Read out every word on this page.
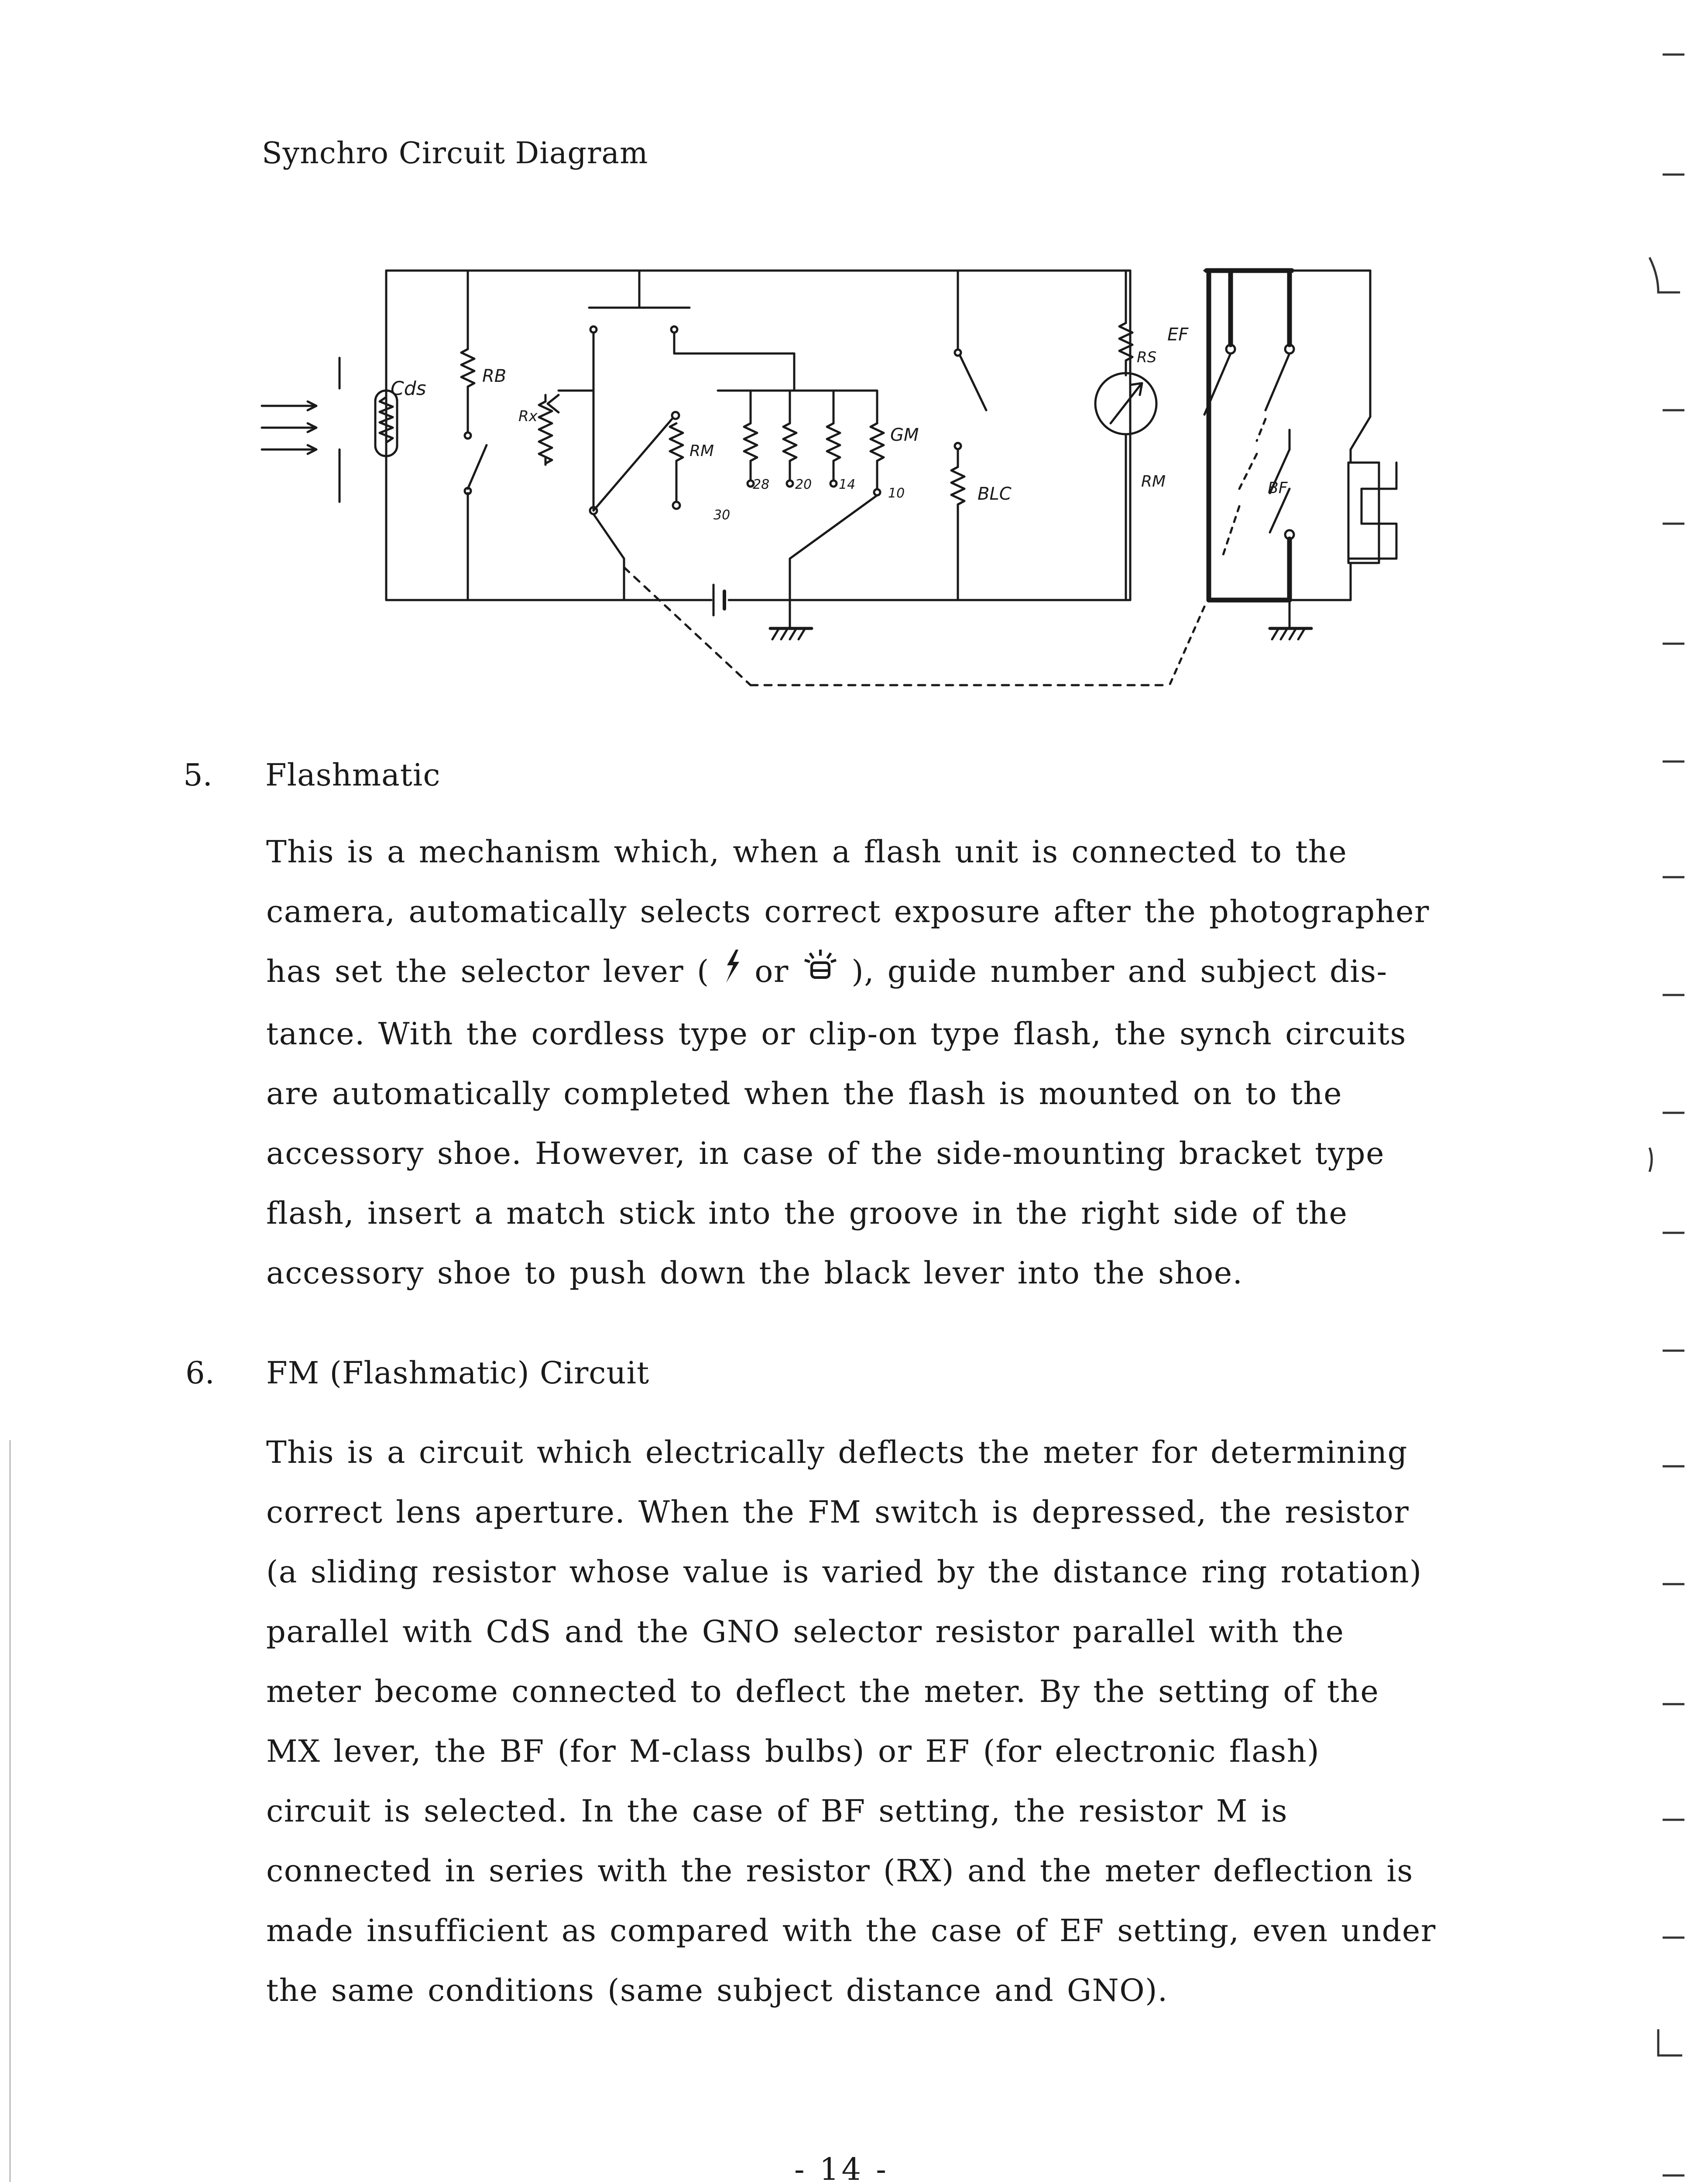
Synchro Circuit Diagram
Cds
RB
Rx
RM
30
28 20 14
10
GM
BLC
RS
RM
EF
BF
5. Flashmatic
This is a mechanism which, when a flash unit is connected to the
camera, automatically selects correct exposure after the photographer
has set the selector lever (  or  ), guide number and subject dis-
tance. With the cordless type or clip-on type flash, the synch circuits
are automatically completed when the flash is mounted on to the
accessory shoe. However, in case of the side-mounting bracket type
flash, insert a match stick into the groove in the right side of the
accessory shoe to push down the black lever into the shoe.
6. FM (Flashmatic) Circuit
This is a circuit which electrically deflects the meter for determining
correct lens aperture. When the FM switch is depressed, the resistor
(a sliding resistor whose value is varied by the distance ring rotation)
parallel with CdS and the GNO selector resistor parallel with the
meter become connected to deflect the meter. By the setting of the
MX lever, the BF (for M-class bulbs) or EF (for electronic flash)
circuit is selected. In the case of BF setting, the resistor M is
connected in series with the resistor (RX) and the meter deflection is
made insufficient as compared with the case of EF setting, even under
the same conditions (same subject distance and GNO).
- 14 -
